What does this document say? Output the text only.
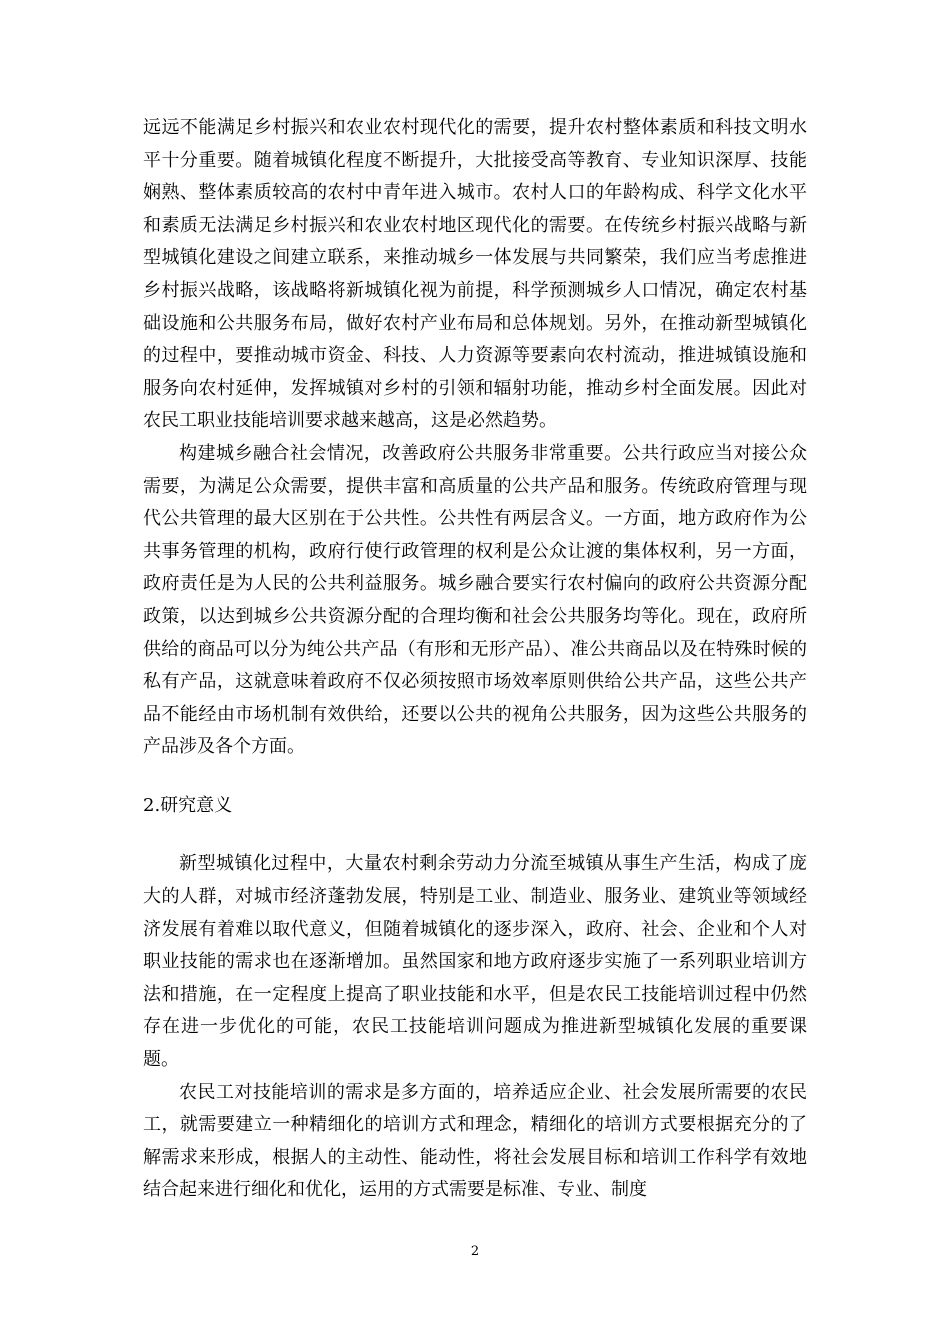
远远不能满足乡村振兴和农业农村现代化的需要，提升农村整体素质和科技文明水平十分重要。随着城镇化程度不断提升，大批接受高等教育、专业知识深厚、技能娴熟、整体素质较高的农村中青年进入城市。农村人口的年龄构成、科学文化水平和素质无法满足乡村振兴和农业农村地区现代化的需要。在传统乡村振兴战略与新型城镇化建设之间建立联系，来推动城乡一体发展与共同繁荣，我们应当考虑推进乡村振兴战略，该战略将新城镇化视为前提，科学预测城乡人口情况，确定农村基础设施和公共服务布局，做好农村产业布局和总体规划。另外，在推动新型城镇化的过程中，要推动城市资金、科技、人力资源等要素向农村流动，推进城镇设施和服务向农村延伸，发挥城镇对乡村的引领和辐射功能，推动乡村全面发展。因此对农民工职业技能培训要求越来越高，这是必然趋势。

构建城乡融合社会情况，改善政府公共服务非常重要。公共行政应当对接公众需要，为满足公众需要，提供丰富和高质量的公共产品和服务。传统政府管理与现代公共管理的最大区别在于公共性。公共性有两层含义。一方面，地方政府作为公共事务管理的机构，政府行使行政管理的权利是公众让渡的集体权利，另一方面，政府责任是为人民的公共利益服务。城乡融合要实行农村偏向的政府公共资源分配政策，以达到城乡公共资源分配的合理均衡和社会公共服务均等化。现在，政府所供给的商品可以分为纯公共产品（有形和无形产品）、准公共商品以及在特殊时候的私有产品，这就意味着政府不仅必须按照市场效率原则供给公共产品，这些公共产品不能经由市场机制有效供给，还要以公共的视角公共服务，因为这些公共服务的产品涉及各个方面。

2.研究意义

新型城镇化过程中，大量农村剩余劳动力分流至城镇从事生产生活，构成了庞大的人群，对城市经济蓬勃发展，特别是工业、制造业、服务业、建筑业等领域经济发展有着难以取代意义，但随着城镇化的逐步深入，政府、社会、企业和个人对职业技能的需求也在逐渐增加。虽然国家和地方政府逐步实施了一系列职业培训方法和措施，在一定程度上提高了职业技能和水平，但是农民工技能培训过程中仍然存在进一步优化的可能，农民工技能培训问题成为推进新型城镇化发展的重要课题。

农民工对技能培训的需求是多方面的，培养适应企业、社会发展所需要的农民工，就需要建立一种精细化的培训方式和理念，精细化的培训方式要根据充分的了解需求来形成，根据人的主动性、能动性，将社会发展目标和培训工作科学有效地结合起来进行细化和优化，运用的方式需要是标准、专业、制度

2
